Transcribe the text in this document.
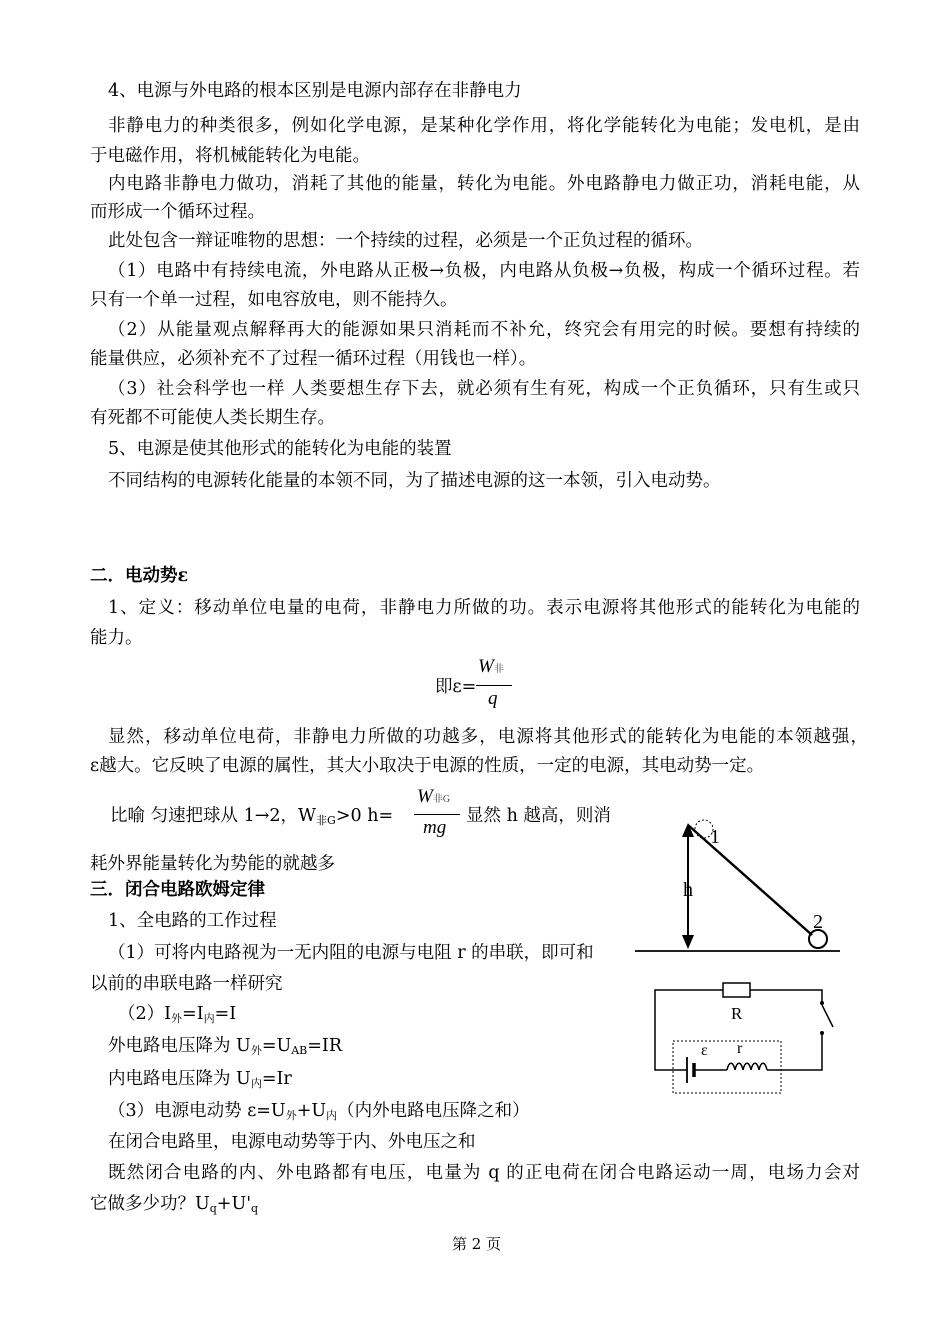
4、电源与外电路的根本区别是电源内部存在非静电力
非静电力的种类很多，例如化学电源，是某种化学作用，将化学能转化为电能；发电机，是由
于电磁作用，将机械能转化为电能。
内电路非静电力做功，消耗了其他的能量，转化为电能。外电路静电力做正功，消耗电能，从
而形成一个循环过程。
此处包含一辩证唯物的思想：一个持续的过程，必须是一个正负过程的循环。
（1）电路中有持续电流，外电路从正极→负极，内电路从负极→负极，构成一个循环过程。若
只有一个单一过程，如电容放电，则不能持久。
（2）从能量观点解释再大的能源如果只消耗而不补允，终究会有用完的时候。要想有持续的
能量供应，必须补充不了过程一循环过程（用钱也一样）。
（3）社会科学也一样 人类要想生存下去，就必须有生有死，构成一个正负循环，只有生或只
有死都不可能使人类长期生存。
5、电源是使其他形式的能转化为电能的装置
不同结构的电源转化能量的本领不同，为了描述电源的这一本领，引入电动势。
二．电动势ε
1、定义：移动单位电量的电荷，非静电力所做的功。表示电源将其他形式的能转化为电能的
能力。
即ε=
W非
q
显然，移动单位电荷，非静电力所做的功越多，电源将其他形式的能转化为电能的本领越强，
ε越大。它反映了电源的属性，其大小取决于电源的性质，一定的电源，其电动势一定。
比喻 匀速把球从 1→2，$W_{非G}>0$ h=
W非G
mg
显然 h 越高，则消
耗外界能量转化为势能的就越多
三．闭合电路欧姆定律
1、全电路的工作过程
（1）可将内电路视为一无内阻的电源与电阻 r 的串联，即可和
以前的串联电路一样研究
$(2)I_外=I_内=I$
外电路电压降为 $U_外=U_{AB}=IR$
内电路电压降为 $U_内=Ir$
（3）电源电动势 $\varepsilon=U_外+U_内$（内外电路电压降之和）
在闭合电路里，电源电动势等于内、外电压之和
既然闭合电路的内、外电路都有电压，电量为 q 的正电荷在闭合电路运动一周，电场力会对
它做多少功？$U_q+U'_q$
1
2
h
R
ε r
第 2 页
